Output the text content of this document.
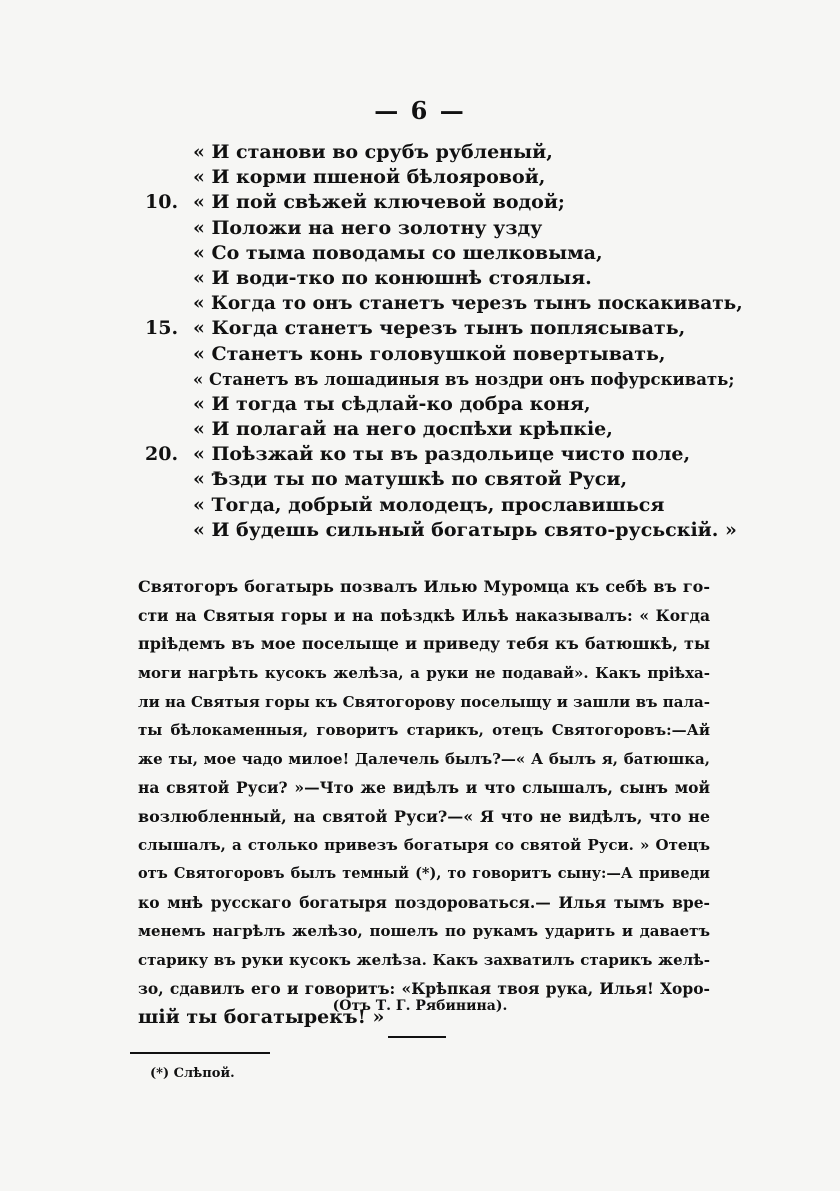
— 6 —
« И станови во срубъ рубленый,
« И корми пшеной бѣлояровой,
10. « И пой свѣжей ключевой водой;
« Положи на него золотну узду
« Со тыма поводамы со шелковыма,
« И води-тко по конюшнѣ стоялыя.
« Когда то онъ станетъ черезъ тынъ поскакивать,
15. « Когда станетъ черезъ тынъ поплясывать,
« Станетъ конь головушкой повертывать,
« Станетъ въ лошадиныя въ ноздри онъ пофурскивать;
« И тогда ты сѣдлай-ко добра коня,
« И полагай на него доспѣхи крѣпкіе,
20. « Поѣзжай ко ты въ раздольице чисто поле,
« Ѣзди ты по матушкѣ по святой Руси,
« Тогда, добрый молодецъ, прославишься
« И будешь сильный богатырь свято-русьскій. »
Святогоръ богатырь позвалъ Илью Муромца къ себѣ въ го-
сти на Святыя горы и на поѣздкѣ Ильѣ наказывалъ: « Когда
пріѣдемъ въ мое поселыще и приведу тебя къ батюшкѣ, ты
моги нагрѣть кусокъ желѣза, а руки не подавай». Какъ пріѣха-
ли на Святыя горы къ Святогорову поселыщу и зашли въ пала-
ты бѣлокаменныя, говоритъ старикъ, отецъ Святогоровъ:—Ай
же ты, мое чадо милое! Далечель былъ?—« А былъ я, батюшка,
на святой Руси? »—Что же видѣлъ и что слышалъ, сынъ мой
возлюбленный, на святой Руси?—« Я что не видѣлъ, что не
слышалъ, а столько привезъ богатыря со святой Руси. » Отецъ
отъ Святогоровъ былъ темный (*), то говоритъ сыну:—А приведи
ко мнѣ русскаго богатыря поздороваться.— Илья тымъ вре-
менемъ нагрѣлъ желѣзо, пошелъ по рукамъ ударить и даваетъ
старику въ руки кусокъ желѣза. Какъ захватилъ старикъ желѣ-
зо, сдавилъ его и говоритъ: «Крѣпкая твоя рука, Илья! Хоро-
шій ты богатырекъ! »
(Отъ Т. Г. Рябинина).
(*) Слѣпой.
